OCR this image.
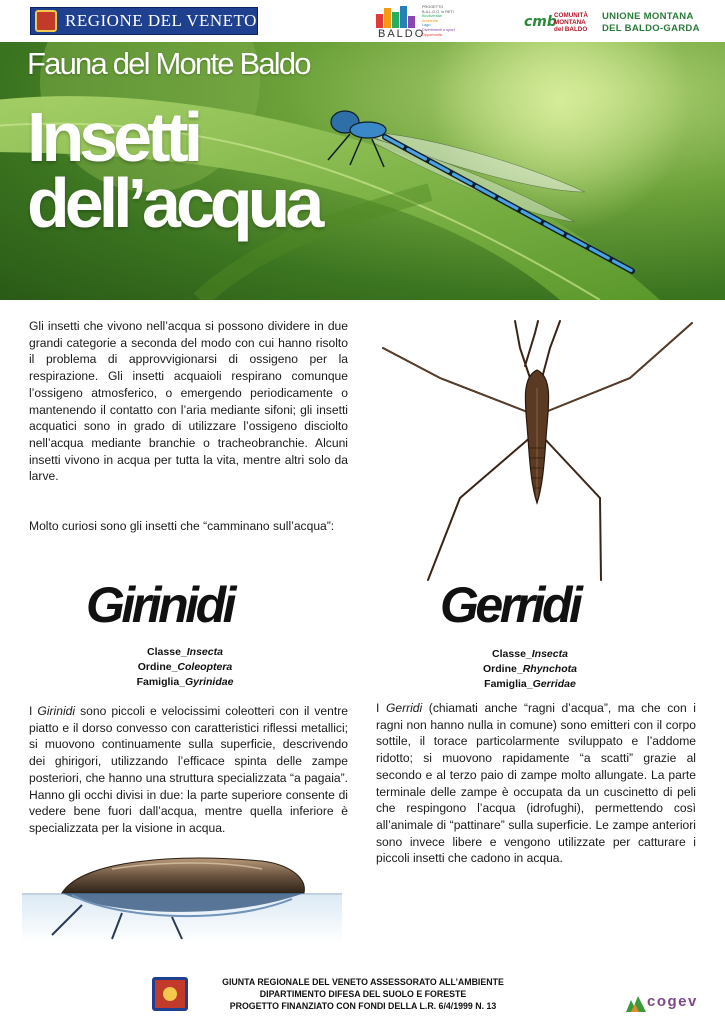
REGIONE DEL VENETO
BALDO
PROGETTO
B.A.L.D.O. in RETI
Biodiversità
Ambiente
Lago
Divertimenti e sport
Opportunità
cmb
COMUNITÀ
MONTANA
del BALDO
UNIONE MONTANA
DEL BALDO-GARDA
Fauna del Monte Baldo
Insetti
dell’acqua

Gli insetti che vivono nell’acqua si possono dividere in due grandi categorie a seconda del modo con cui hanno risolto il problema di approvvigionarsi di ossigeno per la respirazione. Gli insetti acquaioli respirano comunque l’ossigeno atmosferico, o emergendo periodicamente o mantenendo il contatto con l’aria mediante sifoni; gli insetti acquatici sono in grado di utilizzare l’ossigeno disciolto nell’acqua mediante branchie o tracheobranchie. Alcuni insetti vivono in acqua per tutta la vita, mentre altri solo da larve.

Molto curiosi sono gli insetti che “camminano sull’acqua”:

Girinidi	Gerridi
Classe_Insecta
Ordine_Coleoptera
Famiglia_Gyrinidae
Classe_Insecta
Ordine_Rhynchota
Famiglia_Gerridae
I Girinidi sono piccoli e velocissimi coleotteri con il ventre piatto e il dorso convesso con caratteristici riflessi metallici; si muovono continuamente sulla superficie, descrivendo dei ghirigori, utilizzando l’efficace spinta delle zampe posteriori, che hanno una struttura specializzata “a pagaia”. Hanno gli occhi divisi in due: la parte superiore consente di vedere bene fuori dall’acqua, mentre quella inferiore è specializzata per la visione in acqua.
I Gerridi (chiamati anche “ragni d’acqua”, ma che con i ragni non hanno nulla in comune) sono emitteri con il corpo sottile, il torace particolarmente sviluppato e l’addome ridotto; si muovono rapidamente “a scatti” grazie al secondo e al terzo paio di zampe molto allungate. La parte terminale delle zampe è occupata da un cuscinetto di peli che respingono l’acqua (idrofughi), permettendo così all’animale di “pattinare” sulla superficie. Le zampe anteriori sono invece libere e vengono utilizzate per catturare i piccoli insetti che cadono in acqua.
GIUNTA REGIONALE DEL VENETO ASSESSORATO ALL’AMBIENTE
DIPARTIMENTO DIFESA DEL SUOLO E FORESTE
PROGETTO FINANZIATO CON FONDI DELLA L.R. 6/4/1999 N. 13	cogev
